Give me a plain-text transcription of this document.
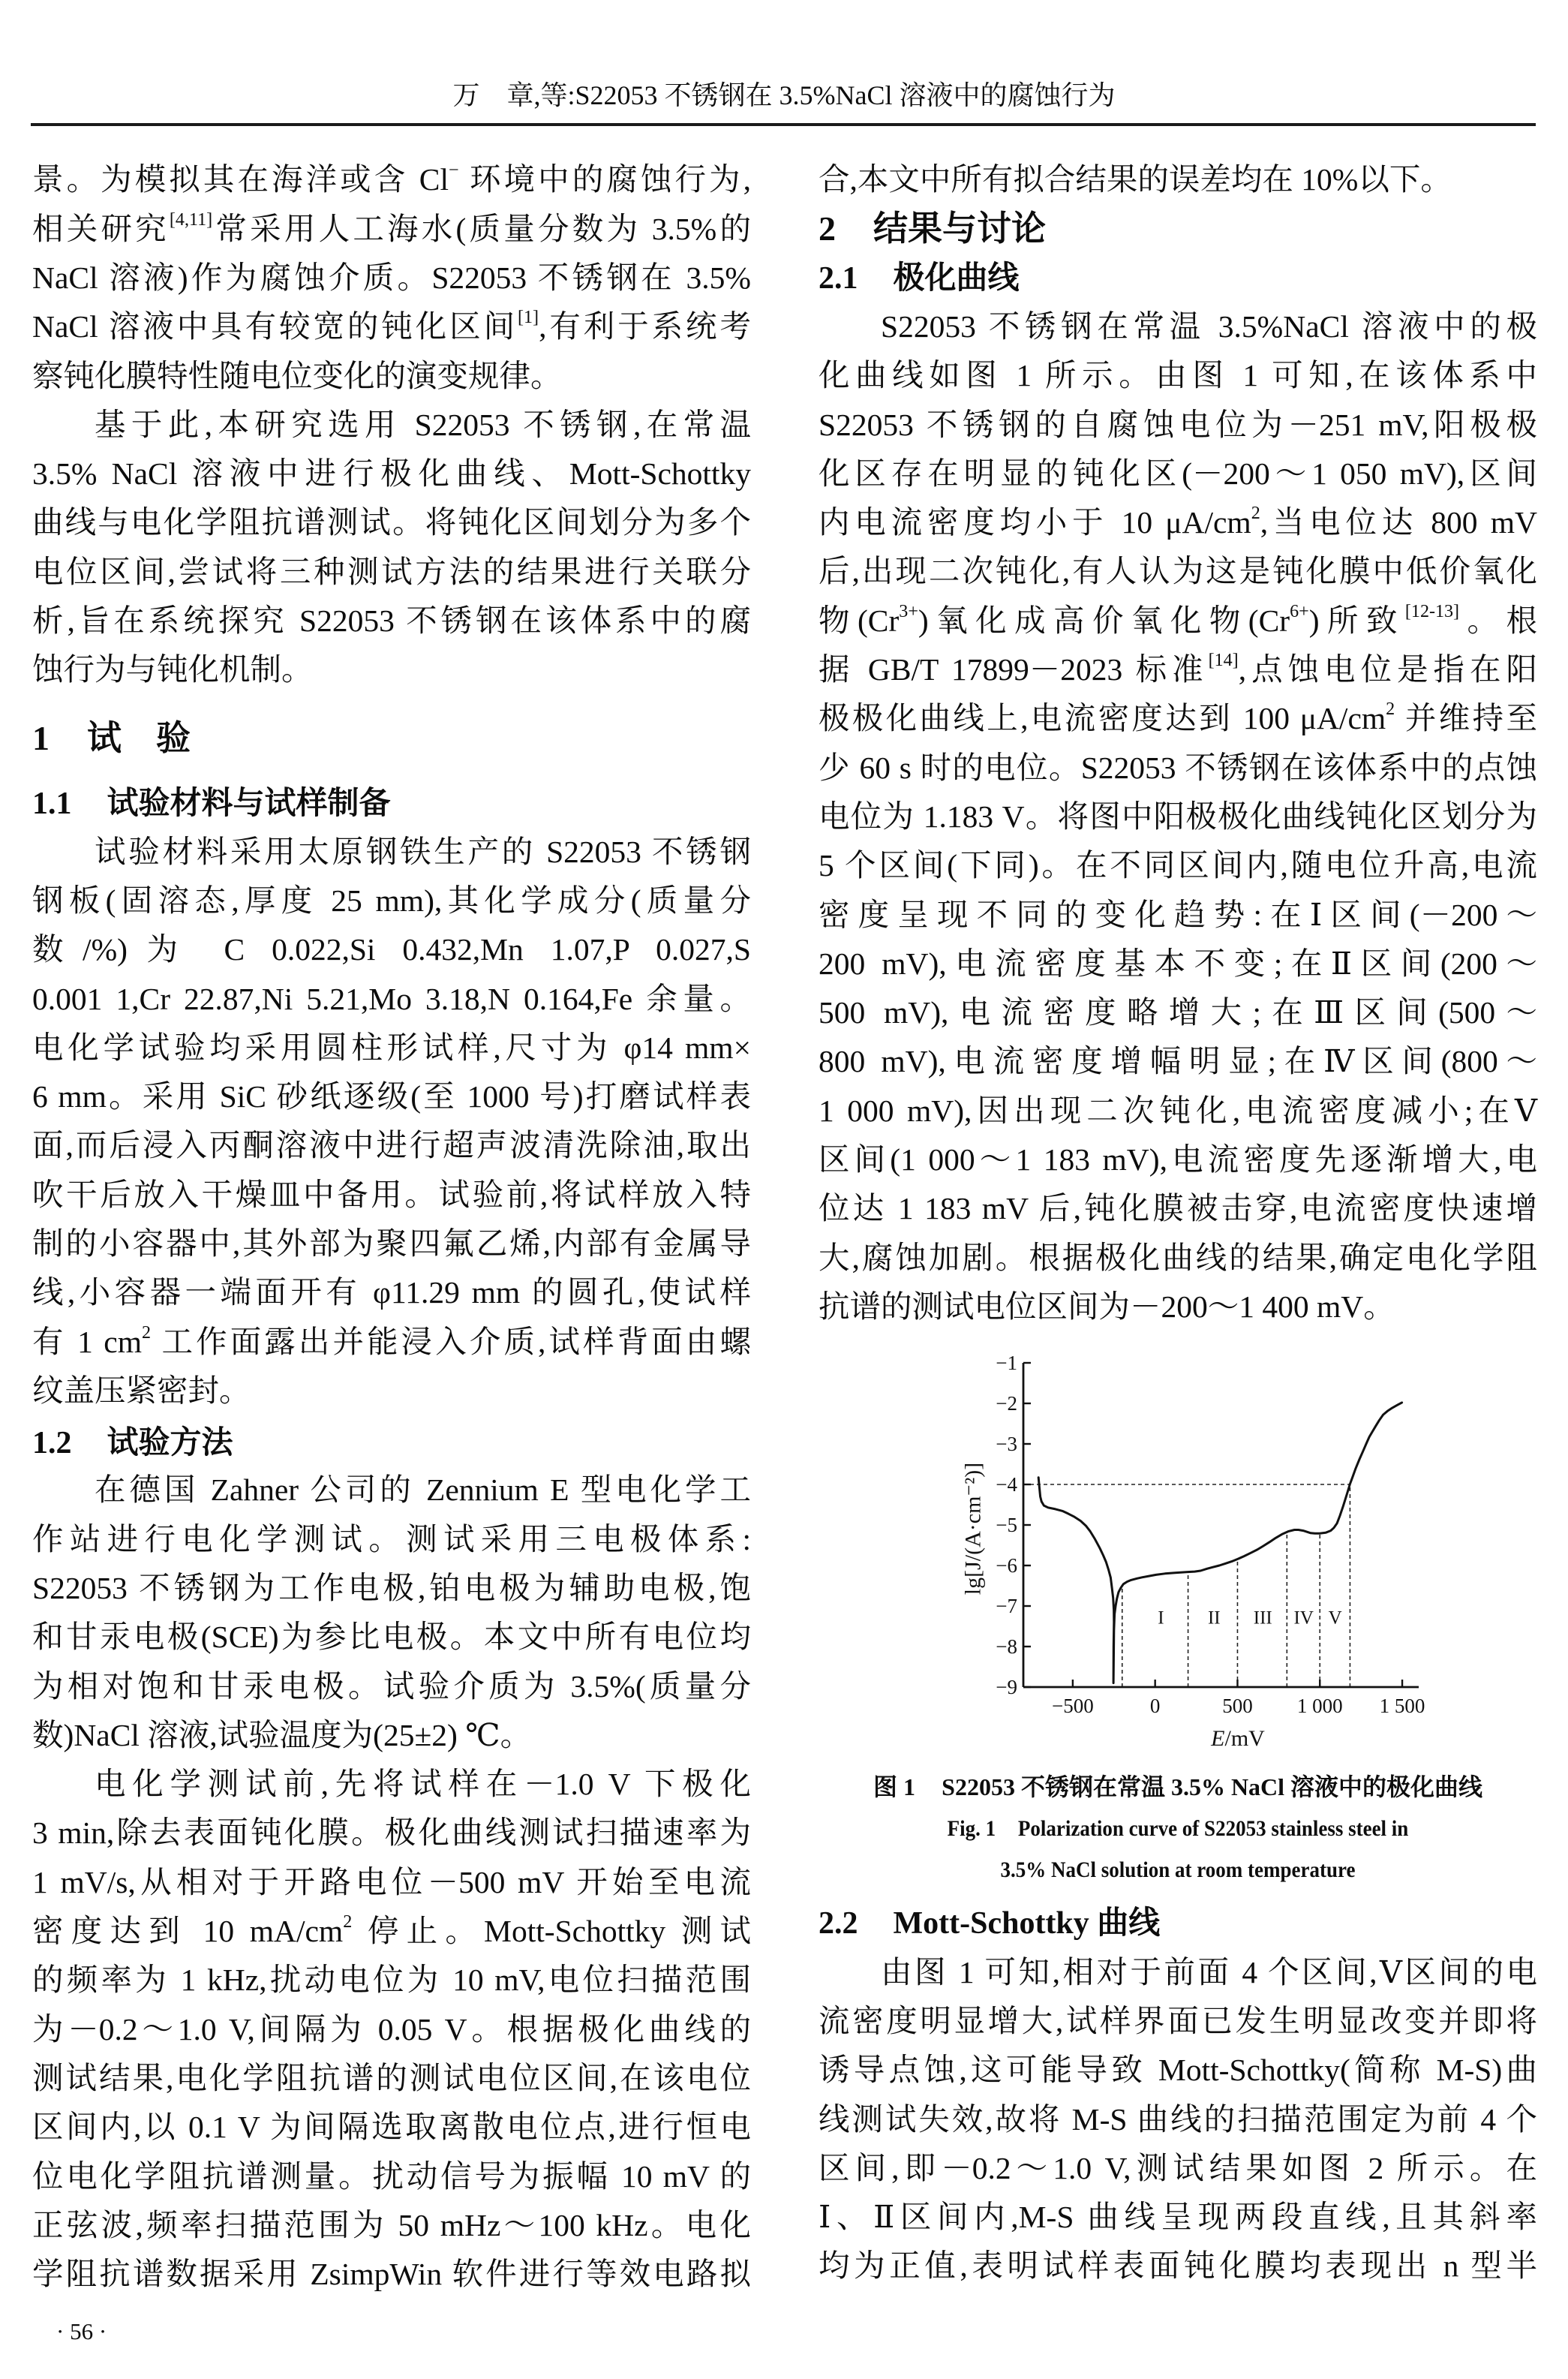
万　章,等:S22053 不锈钢在 3.5%NaCl 溶液中的腐蚀行为
景。为模拟其在海洋或含 Cl− 环境中的腐蚀行为,
相关研究[4,11]常采用人工海水(质量分数为 3.5%的
NaCl 溶液)作为腐蚀介质。S22053 不锈钢在 3.5%
NaCl 溶液中具有较宽的钝化区间[1],有利于系统考
察钝化膜特性随电位变化的演变规律。
基于此,本研究选用 S22053 不锈钢,在常温
3.5% NaCl 溶液中进行极化曲线、Mott-Schottky
曲线与电化学阻抗谱测试。将钝化区间划分为多个
电位区间,尝试将三种测试方法的结果进行关联分
析,旨在系统探究 S22053 不锈钢在该体系中的腐
蚀行为与钝化机制。
1 试　验
1.1 试验材料与试样制备
试验材料采用太原钢铁生产的 S22053 不锈钢
钢板(固溶态,厚度 25 mm),其化学成分(质量分
数/%)为 C 0.022,Si 0.432,Mn 1.07,P 0.027,S
0.001 1,Cr 22.87,Ni 5.21,Mo 3.18,N 0.164,Fe 余量。
电化学试验均采用圆柱形试样,尺寸为 φ14 mm×
6 mm。采用 SiC 砂纸逐级(至 1000 号)打磨试样表
面,而后浸入丙酮溶液中进行超声波清洗除油,取出
吹干后放入干燥皿中备用。试验前,将试样放入特
制的小容器中,其外部为聚四氟乙烯,内部有金属导
线,小容器一端面开有 φ11.29 mm 的圆孔,使试样
有 1 $cm^2$ 工作面露出并能浸入介质,试样背面由螺
纹盖压紧密封。
1.2 试验方法
在德国 Zahner 公司的 Zennium E 型电化学工
作站进行电化学测试。测试采用三电极体系:
S22053 不锈钢为工作电极,铂电极为辅助电极,饱
和甘汞电极(SCE)为参比电极。本文中所有电位均
为相对饱和甘汞电极。试验介质为 3.5%(质量分
数)NaCl 溶液,试验温度为(25±2) ℃。
电化学测试前,先将试样在－1.0 V 下极化
3 min,除去表面钝化膜。极化曲线测试扫描速率为
1 mV/s,从相对于开路电位－500 mV 开始至电流
密度达到 10 $mA/cm^2$ 停止。Mott-Schottky 测试
的频率为 1 kHz,扰动电位为 10 mV,电位扫描范围
为－0.2～1.0 V,间隔为 0.05 V。根据极化曲线的
测试结果,电化学阻抗谱的测试电位区间,在该电位
区间内,以 0.1 V 为间隔选取离散电位点,进行恒电
位电化学阻抗谱测量。扰动信号为振幅 10 mV 的
正弦波,频率扫描范围为 50 mHz～100 kHz。电化
学阻抗谱数据采用 ZsimpWin 软件进行等效电路拟
合,本文中所有拟合结果的误差均在 10%以下。
2 结果与讨论
2.1 极化曲线
S22053 不锈钢在常温 3.5%NaCl 溶液中的极
化曲线如图 1 所示。由图 1 可知,在该体系中
S22053 不锈钢的自腐蚀电位为－251 mV,阳极极
化区存在明显的钝化区(－200～1 050 mV),区间
内电流密度均小于 10 $\mu A/cm^2$,当电位达 800 mV
后,出现二次钝化,有人认为这是钝化膜中低价氧化
物$(Cr^{3+})$氧化成高价氧化物$(Cr^{6+})$所致[12-13]。根
据 GB/T 17899－2023 标准[14],点蚀电位是指在阳
极极化曲线上,电流密度达到 100 $\mu A/cm^2$ 并维持至
少 60 s 时的电位。S22053 不锈钢在该体系中的点蚀
电位为 1.183 V。将图中阳极极化曲线钝化区划分为
5 个区间(下同)。在不同区间内,随电位升高,电流
密度呈现不同的变化趋势:在Ⅰ区间(－200～
200 mV),电流密度基本不变;在Ⅱ区间(200～
500 mV),电流密度略增大;在Ⅲ区间(500～
800 mV),电流密度增幅明显;在Ⅳ区间(800～
1 000 mV),因出现二次钝化,电流密度减小;在Ⅴ
区间(1 000～1 183 mV),电流密度先逐渐增大,电
位达 1 183 mV 后,钝化膜被击穿,电流密度快速增
大,腐蚀加剧。根据极化曲线的结果,确定电化学阻
抗谱的测试电位区间为－200～1 400 mV。
2.2 Mott-Schottky 曲线
由图 1 可知,相对于前面 4 个区间,Ⅴ区间的电
流密度明显增大,试样界面已发生明显改变并即将
诱导点蚀,这可能导致 Mott-Schottky(简称 M-S)曲
线测试失效,故将 M-S 曲线的扫描范围定为前 4 个
区间,即－0.2～1.0 V,测试结果如图 2 所示。在
Ⅰ、Ⅱ区间内,M-S 曲线呈现两段直线,且其斜率
均为正值,表明试样表面钝化膜均表现出 n 型半
−9
−8
−7
−6
−5
−4
−3
−2
−1
−500	0	500 1 000 1 500
I II III IV V
E/mV
lg[J/(A·cm⁻²)]
图 1 S22053 不锈钢在常温 3.5% NaCl 溶液中的极化曲线
Fig. 1 Polarization curve of S22053 stainless steel in
3.5% NaCl solution at room temperature
· 56 ·
